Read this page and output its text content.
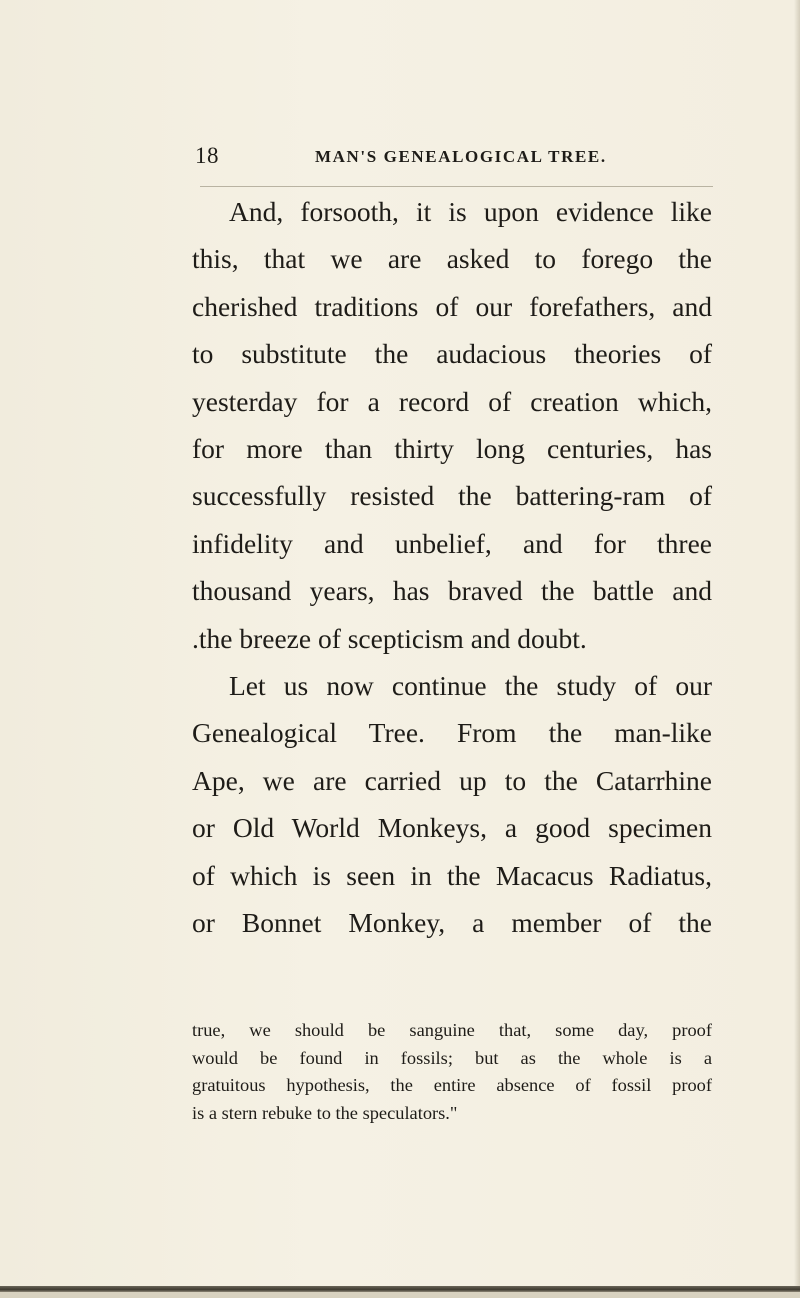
18	MAN'S GENEALOGICAL TREE.
And, forsooth, it is upon evidence like
this, that we are asked to forego the
cherished traditions of our forefathers, and
to substitute the audacious theories of
yesterday for a record of creation which,
for more than thirty long centuries, has
successfully resisted the battering-ram of
infidelity and unbelief, and for three
thousand years, has braved the battle and
.the breeze of scepticism and doubt.
Let us now continue the study of our
Genealogical Tree. From the man-like
Ape, we are carried up to the Catarrhine
or Old World Monkeys, a good specimen
of which is seen in the Macacus Radiatus,
or Bonnet Monkey, a member of the
true, we should be sanguine that, some day, proof
would be found in fossils; but as the whole is a
gratuitous hypothesis, the entire absence of fossil proof
is a stern rebuke to the speculators."
